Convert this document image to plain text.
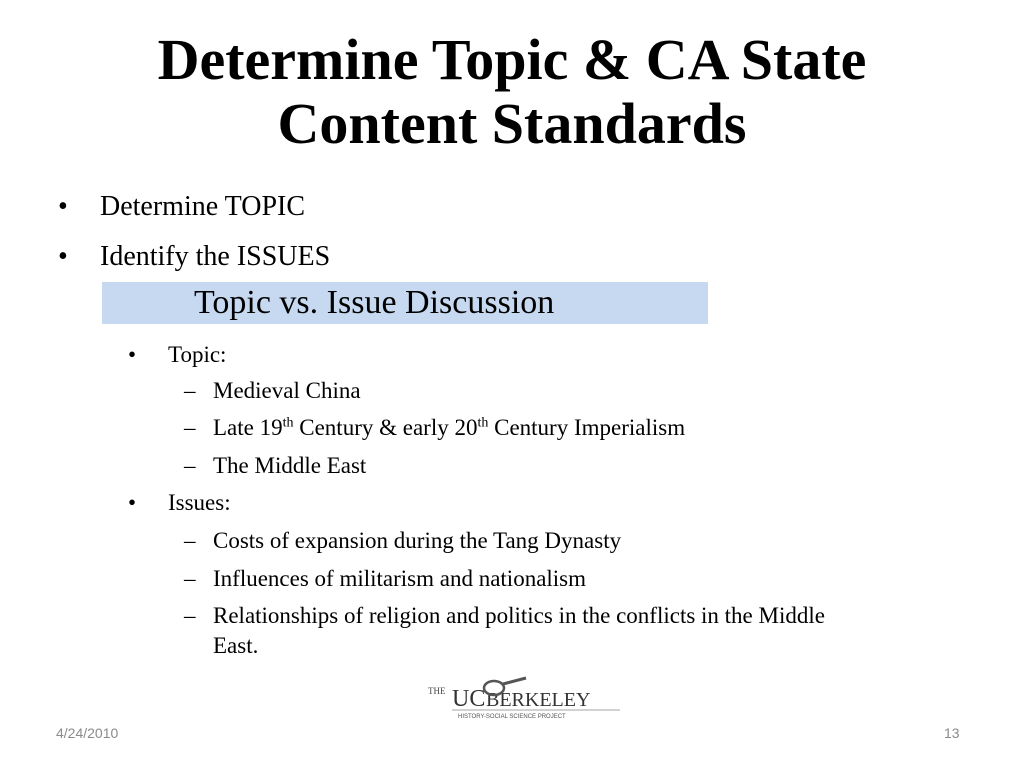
Determine Topic & CA State
Content Standards
• Determine TOPIC
• Identify the ISSUES
Topic vs. Issue Discussion
• Topic:
– Medieval China
– Late 19th Century & early 20th Century Imperialism
– The Middle East
• Issues:
– Costs of expansion during the Tang Dynasty
– Influences of militarism and nationalism
– Relationships of religion and politics in the conflicts in the Middle
East.
THE UC BERKELEY
HISTORY-SOCIAL SCIENCE PROJECT
4/24/2010	13
